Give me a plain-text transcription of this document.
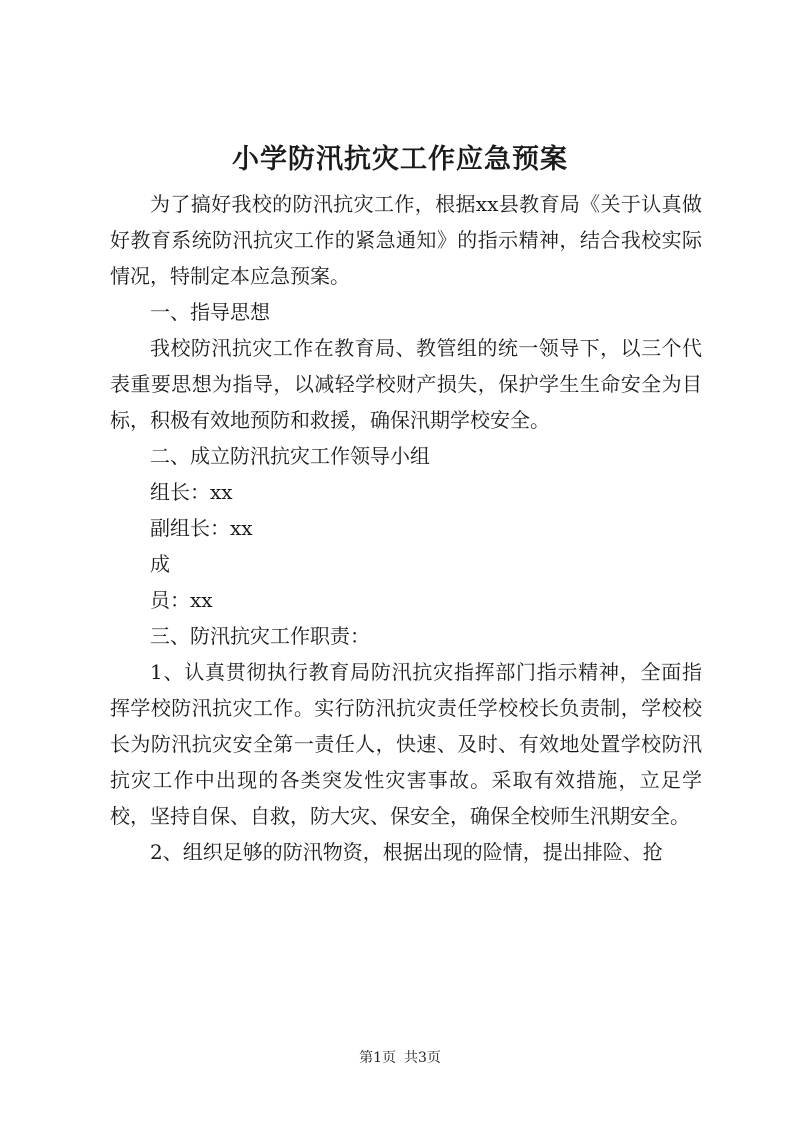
小学防汛抗灾工作应急预案

为了搞好我校的防汛抗灾工作，根据xx县教育局《关于认真做好教育系统防汛抗灾工作的紧急通知》的指示精神，结合我校实际情况，特制定本应急预案。

一、指导思想

我校防汛抗灾工作在教育局、教管组的统一领导下，以三个代表重要思想为指导，以减轻学校财产损失，保护学生生命安全为目标，积极有效地预防和救援，确保汛期学校安全。

二、成立防汛抗灾工作领导小组

组长：xx

副组长：xx

成

员：xx

三、防汛抗灾工作职责：

1、认真贯彻执行教育局防汛抗灾指挥部门指示精神，全面指挥学校防汛抗灾工作。实行防汛抗灾责任学校校长负责制，学校校长为防汛抗灾安全第一责任人，快速、及时、有效地处置学校防汛抗灾工作中出现的各类突发性灾害事故。采取有效措施，立足学校，坚持自保、自救，防大灾、保安全，确保全校师生汛期安全。

2、组织足够的防汛物资，根据出现的险情，提出排险、抢

第1页 共3页
